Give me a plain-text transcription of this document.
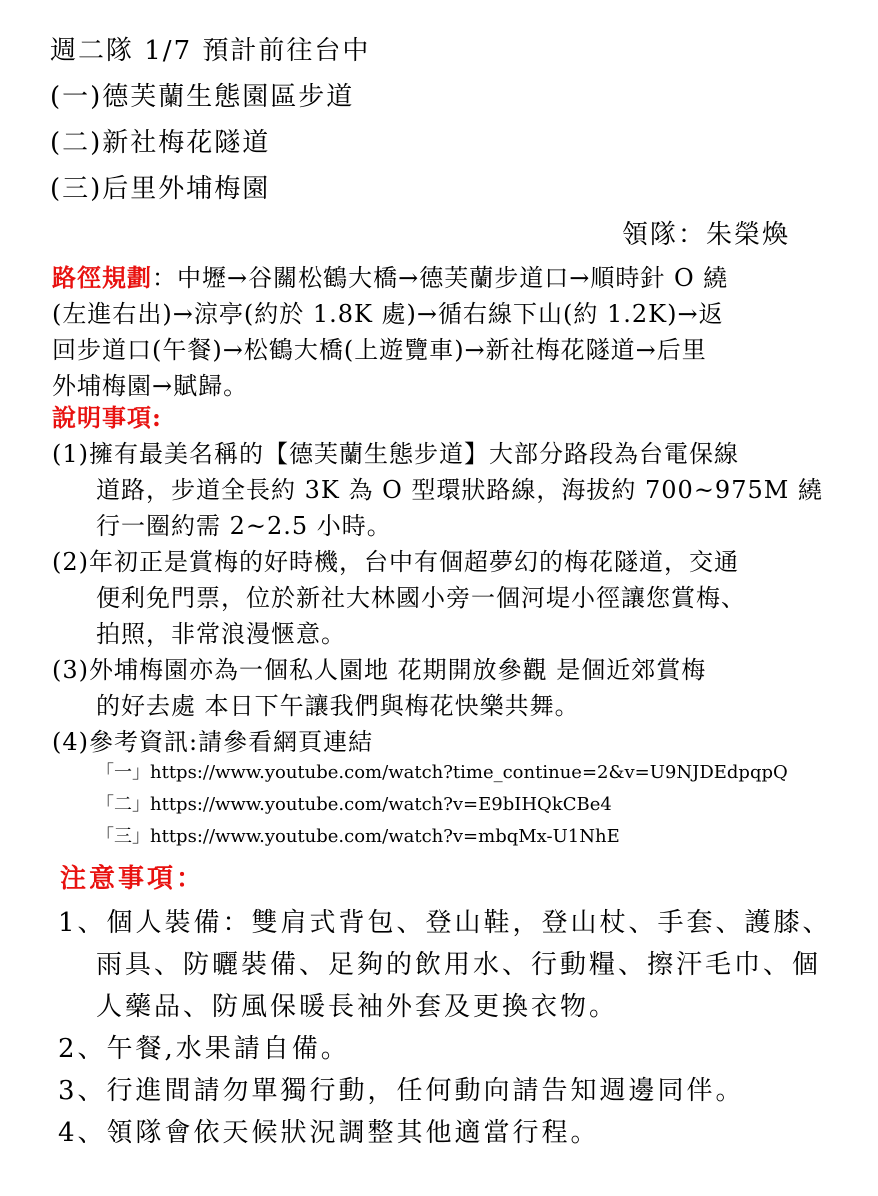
週二隊 1/7 預計前往台中
(一)德芙蘭生態園區步道
(二)新社梅花隧道
(三)后里外埔梅園
領隊：朱榮煥
路徑規劃：中壢→谷關松鶴大橋→德芙蘭步道口→順時針 O 繞
(左進右出)→涼亭(約於 1.8K 處)→循右線下山(約 1.2K)→返
回步道口(午餐)→松鶴大橋(上遊覽車)→新社梅花隧道→后里
外埔梅園→賦歸。
說明事項:
(1)擁有最美名稱的【德芙蘭生態步道】大部分路段為台電保線
道路，步道全長約 3K 為 O 型環狀路線，海拔約 700~975M 繞
行一圈約需 2~2.5 小時。
(2)年初正是賞梅的好時機，台中有個超夢幻的梅花隧道，交通
便利免門票，位於新社大林國小旁一個河堤小徑讓您賞梅、
拍照，非常浪漫愜意。
(3)外埔梅園亦為一個私人園地 花期開放參觀 是個近郊賞梅
的好去處 本日下午讓我們與梅花快樂共舞。
(4)參考資訊:請參看網頁連結
「一」https://www.youtube.com/watch?time_continue=2&v=U9NJDEdpqpQ
「二」https://www.youtube.com/watch?v=E9bIHQkCBe4
「三」https://www.youtube.com/watch?v=mbqMx-U1NhE
注意事項：
1、個人裝備：雙肩式背包、登山鞋，登山杖、手套、護膝、
雨具、防曬裝備、足夠的飲用水、行動糧、擦汗毛巾、個
人藥品、防風保暖長袖外套及更換衣物。
2、午餐,水果請自備。
3、行進間請勿單獨行動，任何動向請告知週邊同伴。
4、領隊會依天候狀況調整其他適當行程。
